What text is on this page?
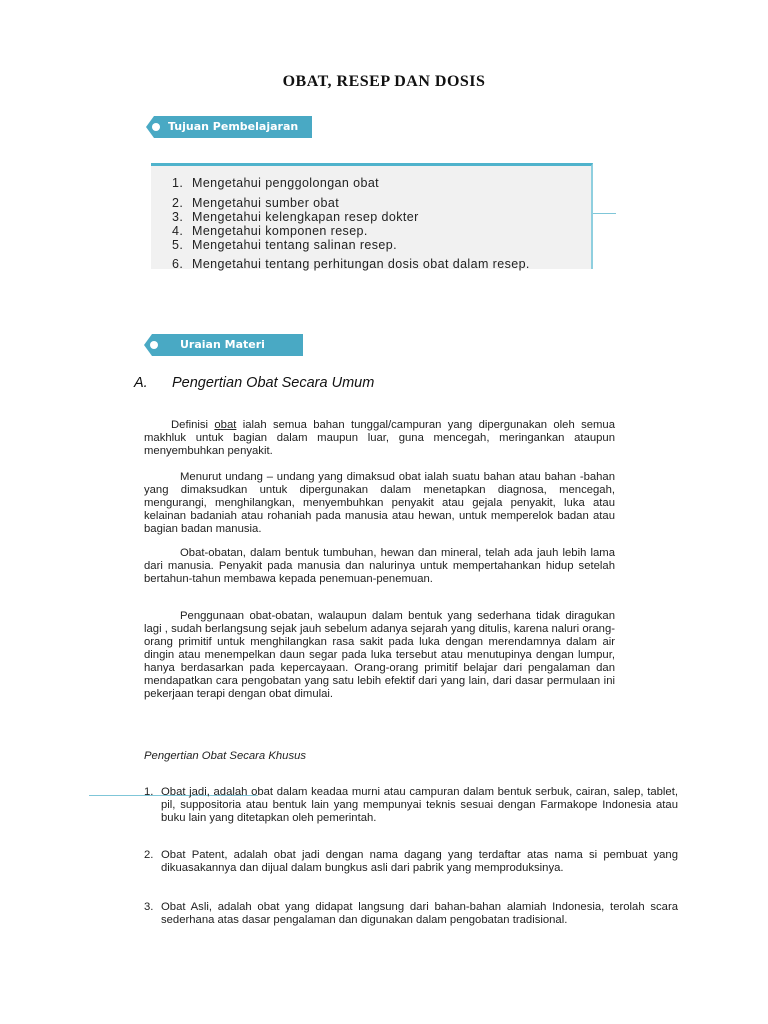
OBAT, RESEP DAN DOSIS
Tujuan Pembelajaran
1. Mengetahui penggolongan obat
2. Mengetahui sumber obat
3. Mengetahui kelengkapan resep dokter
4. Mengetahui komponen resep.
5. Mengetahui tentang salinan resep.
6. Mengetahui tentang perhitungan dosis obat dalam resep.
Uraian Materi
A. Pengertian Obat Secara Umum

Definisi obat ialah semua bahan tunggal/campuran yang dipergunakan oleh semua makhluk untuk bagian dalam maupun luar, guna mencegah, meringankan ataupun menyembuhkan penyakit.

Menurut undang – undang yang dimaksud obat ialah suatu bahan atau bahan -bahan yang dimaksudkan untuk dipergunakan dalam menetapkan diagnosa, mencegah, mengurangi, menghilangkan, menyembuhkan penyakit atau gejala penyakit, luka atau kelainan badaniah atau rohaniah pada manusia atau hewan, untuk memperelok badan atau bagian badan manusia.

Obat-obatan, dalam bentuk tumbuhan, hewan dan mineral, telah ada jauh lebih lama dari manusia. Penyakit pada manusia dan nalurinya untuk mempertahankan hidup setelah bertahun-tahun membawa kepada penemuan-penemuan.

Penggunaan obat-obatan, walaupun dalam bentuk yang sederhana tidak diragukan lagi , sudah berlangsung sejak jauh sebelum adanya sejarah yang ditulis, karena naluri orang-orang primitif untuk menghilangkan rasa sakit pada luka dengan merendamnya dalam air dingin atau menempelkan daun segar pada luka tersebut atau menutupinya dengan lumpur, hanya berdasarkan pada kepercayaan. Orang-orang primitif belajar dari pengalaman dan mendapatkan cara pengobatan yang satu lebih efektif dari yang lain, dari dasar permulaan ini pekerjaan terapi dengan obat dimulai.

Pengertian Obat Secara Khusus
1. Obat jadi, adalah obat dalam keadaa murni atau campuran dalam bentuk serbuk, cairan, salep, tablet, pil, suppositoria atau bentuk lain yang mempunyai teknis sesuai dengan Farmakope Indonesia atau buku lain yang ditetapkan oleh pemerintah.
2. Obat Patent, adalah obat jadi dengan nama dagang yang terdaftar atas nama si pembuat yang dikuasakannya dan dijual dalam bungkus asli dari pabrik yang memproduksinya.
3. Obat Asli, adalah obat yang didapat langsung dari bahan-bahan alamiah Indonesia, terolah scara sederhana atas dasar pengalaman dan digunakan dalam pengobatan tradisional.
